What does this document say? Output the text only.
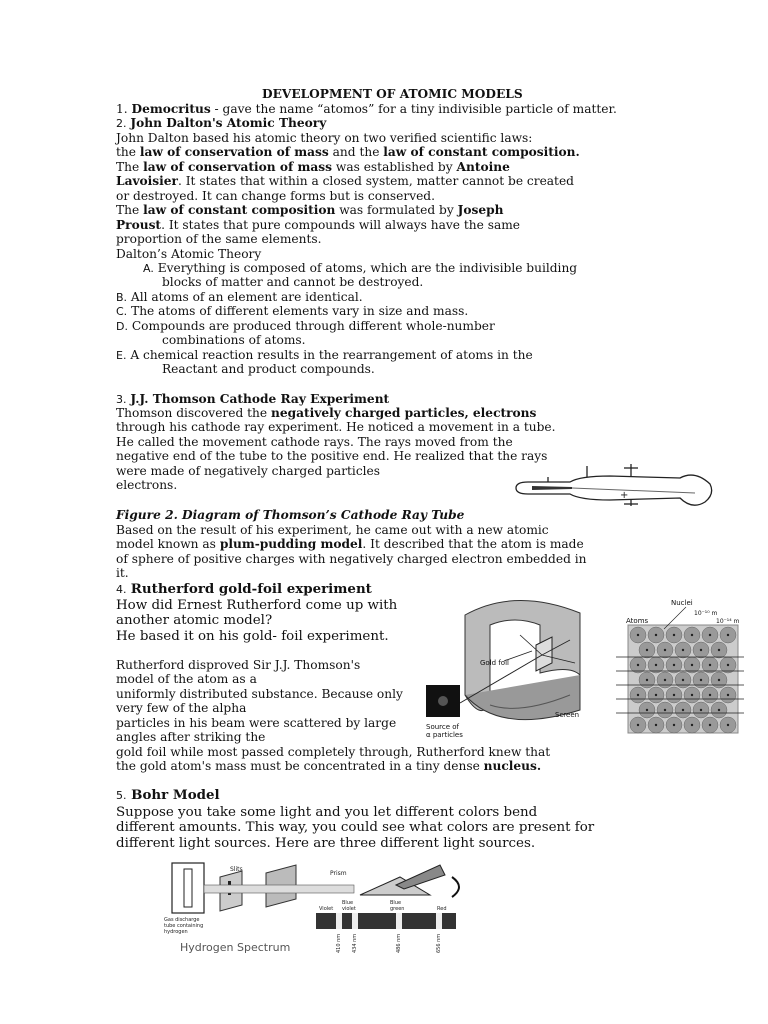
DEVELOPMENT OF ATOMIC MODELS
1. Democritus - gave the name “atomos” for a tiny indivisible particle of matter.
2. John Dalton's Atomic Theory
John Dalton based his atomic theory on two verified scientific laws:
the law of conservation of mass and the law of constant composition.
The law of conservation of mass was established by Antoine
Lavoisier. It states that within a closed system, matter cannot be created
or destroyed. It can change forms but is conserved.
The law of constant composition was formulated by Joseph
Proust. It states that pure compounds will always have the same
proportion of the same elements.
Dalton’s Atomic Theory
A. Everything is composed of atoms, which are the indivisible building
blocks of matter and cannot be destroyed.
B. All atoms of an element are identical.
C. The atoms of different elements vary in size and mass.
D. Compounds are produced through different whole-number
combinations of atoms.
E. A chemical reaction results in the rearrangement of atoms in the
Reactant and product compounds.
3. J.J. Thomson Cathode Ray Experiment
Thomson discovered the negatively charged particles, electrons
through his cathode ray experiment. He noticed a movement in a tube.
He called the movement cathode rays. The rays moved from the
negative end of the tube to the positive end. He realized that the rays
were made of negatively charged particles
electrons.	−
+
Figure 2. Diagram of Thomson’s Cathode Ray Tube
Based on the result of his experiment, he came out with a new atomic
model known as plum-pudding model. It described that the atom is made
of sphere of positive charges with negatively charged electron embedded in
it.
4. Rutherford gold-foil experiment
How did Ernest Rutherford come up with
another atomic model?
He based it on his gold- foil experiment.
Rutherford disproved Sir J.J. Thomson's
model of the atom as a
uniformly distributed substance. Because only
very few of the alpha
particles in his beam were scattered by large
angles after striking the
gold foil while most passed completely through, Rutherford knew that
the gold atom's mass must be concentrated in a tiny dense nucleus.
Gold foil
Screen
Source of
α particles
Atoms
Nuclei
10⁻¹⁰ m
10⁻¹⁴ m
5. Bohr Model
Suppose you take some light and you let different colors bend
different amounts. This way, you could see what colors are present for
different light sources. Here are three different light sources.
Slits
Prism
Gas discharge
tube containing
hydrogen
Violet
Blue
violet
Blue
green	Red
410 nm 434 nm	486 nm	656 nm
Hydrogen Spectrum
